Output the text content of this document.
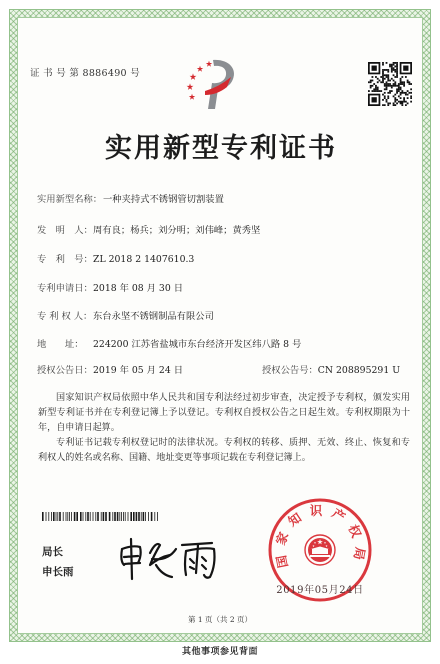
证 书 号 第 8886490 号
实用新型专利证书
实用新型名称：一种夹持式不锈钢管切割装置
发　明　人：周有良；杨兵；刘分明；刘伟峰；黄秀坚
专　利　号：ZL 2018 2 1407610.3
专利申请日：2018 年 08 月 30 日
专 利 权 人：东台永坚不锈钢制品有限公司
地　　址： 224200 江苏省盐城市东台经济开发区纬八路 8 号
授权公告日：2019 年 05 月 24 日	授权公告号：CN 208895291 U
国家知识产权局依照中华人民共和国专利法经过初步审查，决定授予专利权，颁发实用
新型专利证书并在专利登记簿上予以登记。专利权自授权公告之日起生效。专利权期限为十
年，自申请日起算。
专利证书记载专利权登记时的法律状况。专利权的转移、质押、无效、终止、恢复和专
利权人的姓名或名称、国籍、地址变更等事项记载在专利登记簿上。
局长
申长雨
国家知识产权局
2019年05月24日
第 1 页（共 2 页）
其他事项参见背面
